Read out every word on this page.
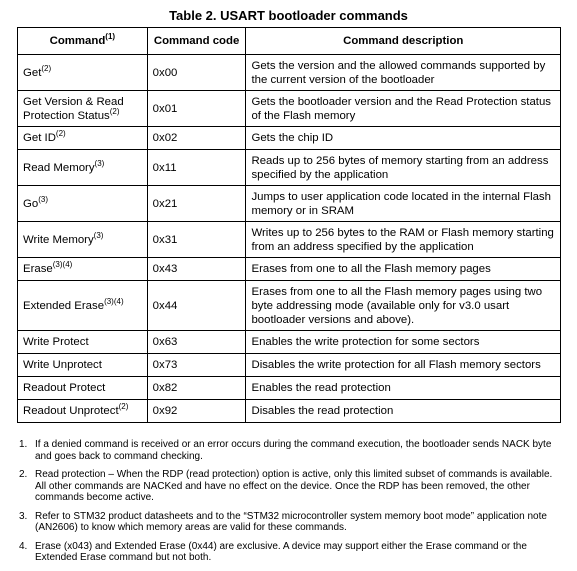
Table 2. USART bootloader commands
Command$^{(1)}$	Command code	Command description
Get$^{(2)}$	0x00	Gets the version and the allowed commands supported by the current version of the bootloader
Get Version & Read Protection Status$^{(2)}$	0x01	Gets the bootloader version and the Read Protection status of the Flash memory
Get ID$^{(2)}$	0x02	Gets the chip ID
Read Memory$^{(3)}$	0x11	Reads up to 256 bytes of memory starting from an address specified by the application
Go$^{(3)}$	0x21	Jumps to user application code located in the internal Flash memory or in SRAM
Write Memory$^{(3)}$	0x31	Writes up to 256 bytes to the RAM or Flash memory starting from an address specified by the application
Erase$^{(3)(4)}$	0x43	Erases from one to all the Flash memory pages
Extended Erase$^{(3)(4)}$	0x44	Erases from one to all the Flash memory pages using two byte addressing mode (available only for v3.0 usart bootloader versions and above).
Write Protect	0x63	Enables the write protection for some sectors
Write Unprotect	0x73	Disables the write protection for all Flash memory sectors
Readout Protect	0x82	Enables the read protection
Readout Unprotect$^{(2)}$	0x92	Disables the read protection
1. If a denied command is received or an error occurs during the command execution, the bootloader sends NACK byte and goes back to command checking.
2. Read protection – When the RDP (read protection) option is active, only this limited subset of commands is available. All other commands are NACKed and have no effect on the device. Once the RDP has been removed, the other commands become active.
3. Refer to STM32 product datasheets and to the “STM32 microcontroller system memory boot mode” application note (AN2606) to know which memory areas are valid for these commands.
4. Erase (x043) and Extended Erase (0x44) are exclusive. A device may support either the Erase command or the Extended Erase command but not both.
